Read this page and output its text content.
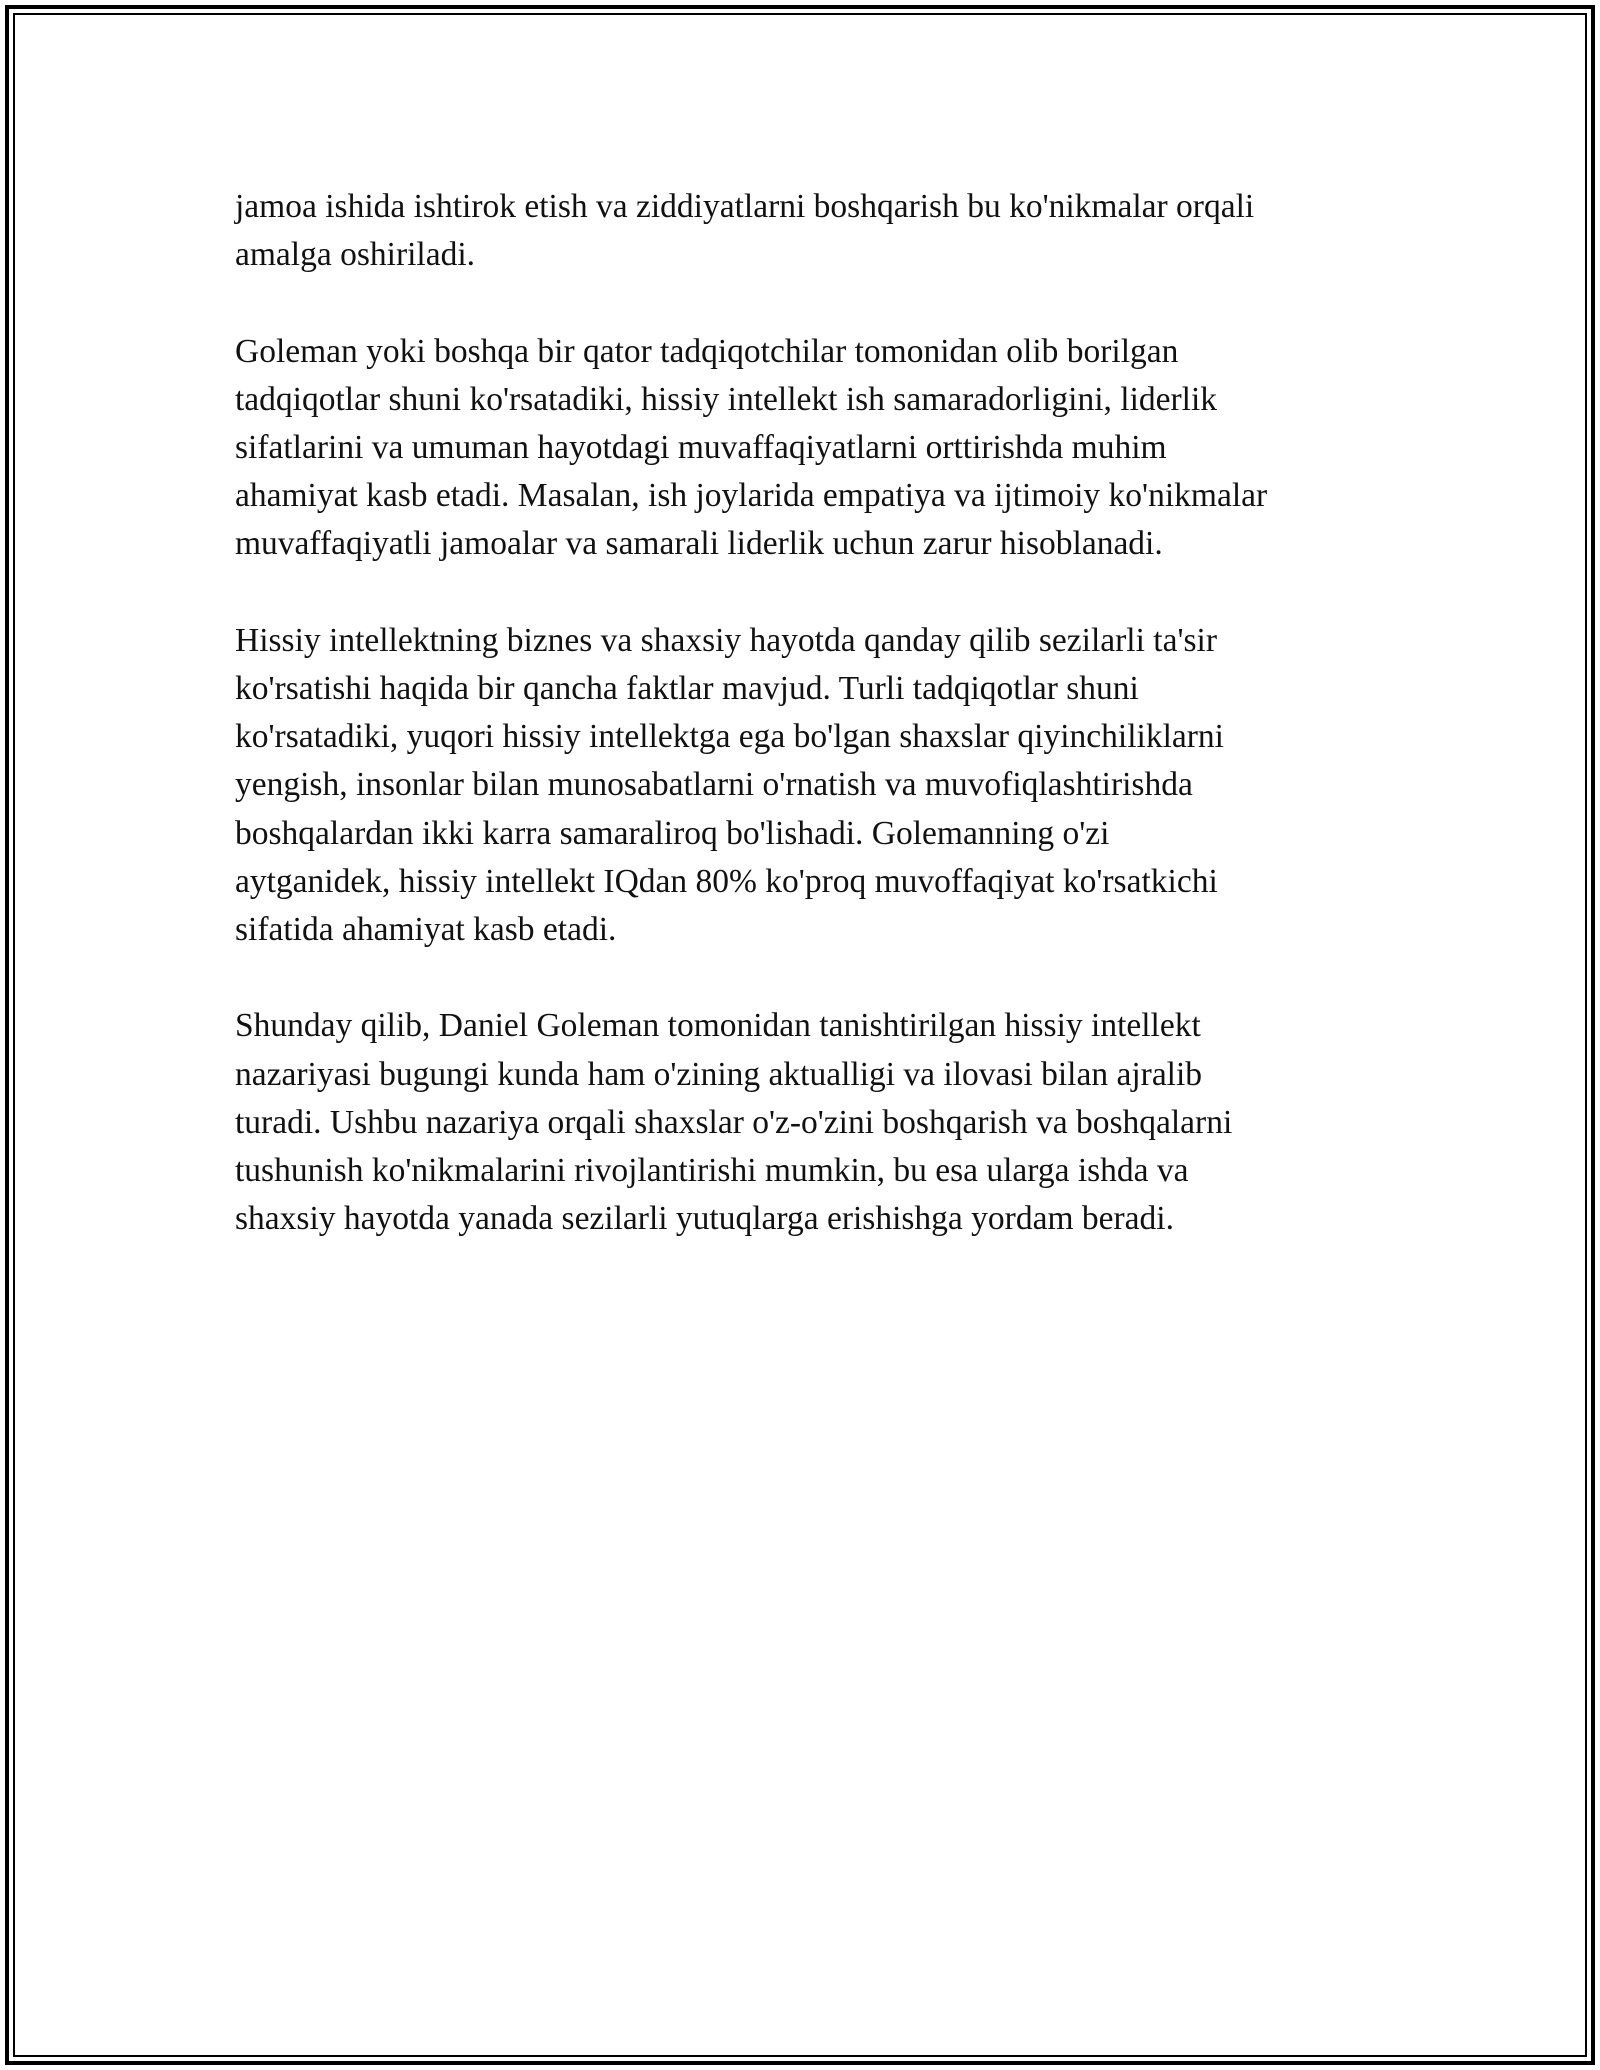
jamoa ishida ishtirok etish va ziddiyatlarni boshqarish bu ko'nikmalar orqali
amalga oshiriladi.

Goleman yoki boshqa bir qator tadqiqotchilar tomonidan olib borilgan
tadqiqotlar shuni ko'rsatadiki, hissiy intellekt ish samaradorligini, liderlik
sifatlarini va umuman hayotdagi muvaffaqiyatlarni orttirishda muhim
ahamiyat kasb etadi. Masalan, ish joylarida empatiya va ijtimoiy ko'nikmalar
muvaffaqiyatli jamoalar va samarali liderlik uchun zarur hisoblanadi.

Hissiy intellektning biznes va shaxsiy hayotda qanday qilib sezilarli ta'sir
ko'rsatishi haqida bir qancha faktlar mavjud. Turli tadqiqotlar shuni
ko'rsatadiki, yuqori hissiy intellektga ega bo'lgan shaxslar qiyinchiliklarni
yengish, insonlar bilan munosabatlarni o'rnatish va muvofiqlashtirishda
boshqalardan ikki karra samaraliroq bo'lishadi. Golemanning o'zi
aytganidek, hissiy intellekt IQdan 80% ko'proq muvoffaqiyat ko'rsatkichi
sifatida ahamiyat kasb etadi.

Shunday qilib, Daniel Goleman tomonidan tanishtirilgan hissiy intellekt
nazariyasi bugungi kunda ham o'zining aktualligi va ilovasi bilan ajralib
turadi. Ushbu nazariya orqali shaxslar o'z-o'zini boshqarish va boshqalarni
tushunish ko'nikmalarini rivojlantirishi mumkin, bu esa ularga ishda va
shaxsiy hayotda yanada sezilarli yutuqlarga erishishga yordam beradi.
